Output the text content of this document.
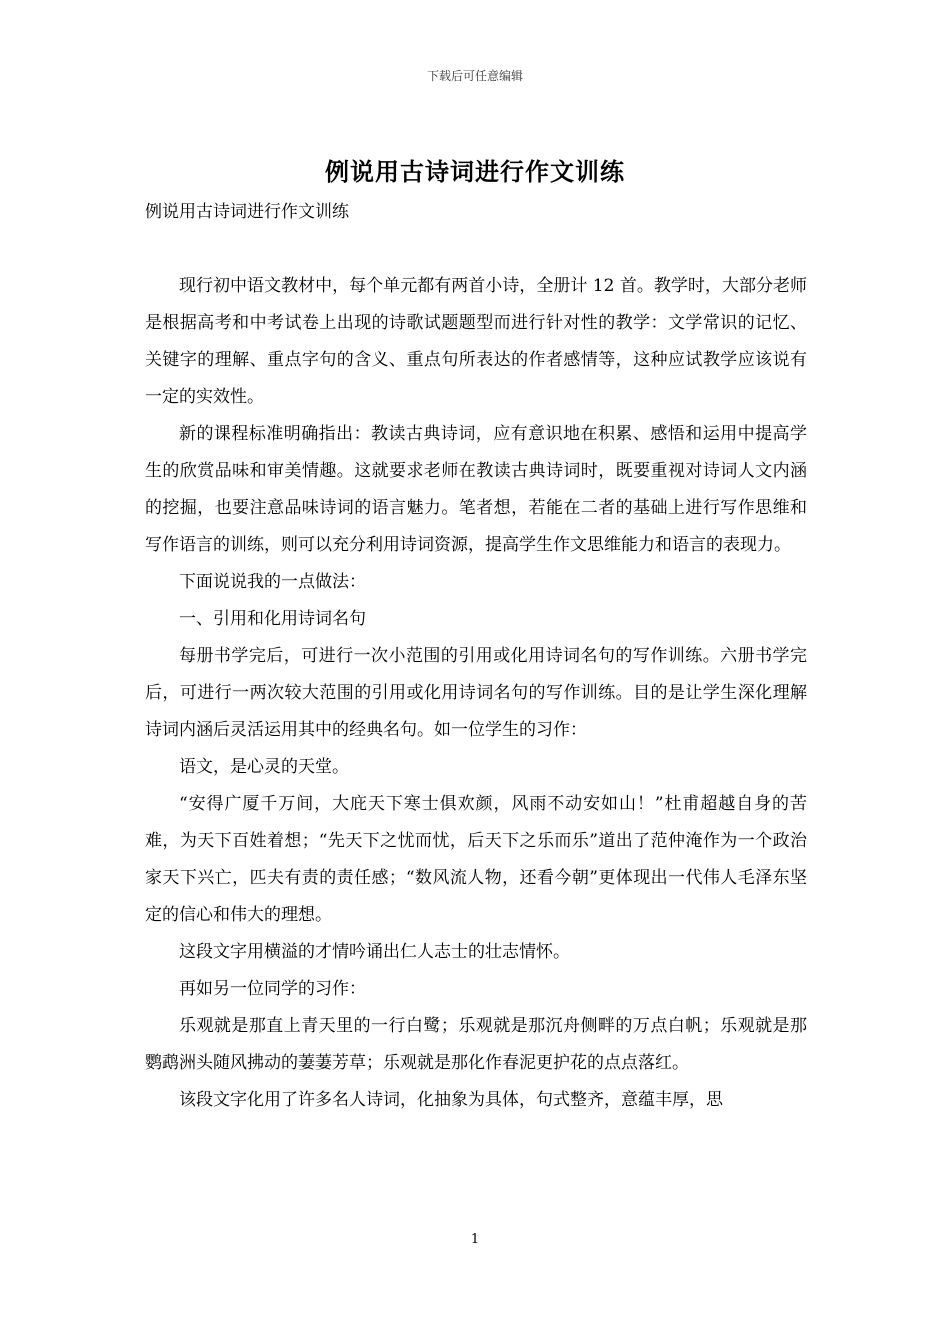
下载后可任意编辑
例说用古诗词进行作文训练

例说用古诗词进行作文训练

现行初中语文教材中，每个单元都有两首小诗，全册计 12 首。教学时，大部分老师是根据高考和中考试卷上出现的诗歌试题题型而进行针对性的教学：文学常识的记忆、关键字的理解、重点字句的含义、重点句所表达的作者感情等，这种应试教学应该说有一定的实效性。

新的课程标准明确指出：教读古典诗词，应有意识地在积累、感悟和运用中提高学生的欣赏品味和审美情趣。这就要求老师在教读古典诗词时，既要重视对诗词人文内涵的挖掘，也要注意品味诗词的语言魅力。笔者想，若能在二者的基础上进行写作思维和写作语言的训练，则可以充分利用诗词资源，提高学生作文思维能力和语言的表现力。

下面说说我的一点做法：

一、引用和化用诗词名句

每册书学完后，可进行一次小范围的引用或化用诗词名句的写作训练。六册书学完后，可进行一两次较大范围的引用或化用诗词名句的写作训练。目的是让学生深化理解诗词内涵后灵活运用其中的经典名句。如一位学生的习作：

语文，是心灵的天堂。

“安得广厦千万间，大庇天下寒士俱欢颜，风雨不动安如山！”杜甫超越自身的苦难，为天下百姓着想；“先天下之忧而忧，后天下之乐而乐”道出了范仲淹作为一个政治家天下兴亡，匹夫有责的责任感；“数风流人物，还看今朝”更体现出一代伟人毛泽东坚定的信心和伟大的理想。

这段文字用横溢的才情吟诵出仁人志士的壮志情怀。

再如另一位同学的习作：

乐观就是那直上青天里的一行白鹭；乐观就是那沉舟侧畔的万点白帆；乐观就是那鹦鹉洲头随风拂动的萋萋芳草；乐观就是那化作春泥更护花的点点落红。

该段文字化用了许多名人诗词，化抽象为具体，句式整齐，意蕴丰厚，思

1
